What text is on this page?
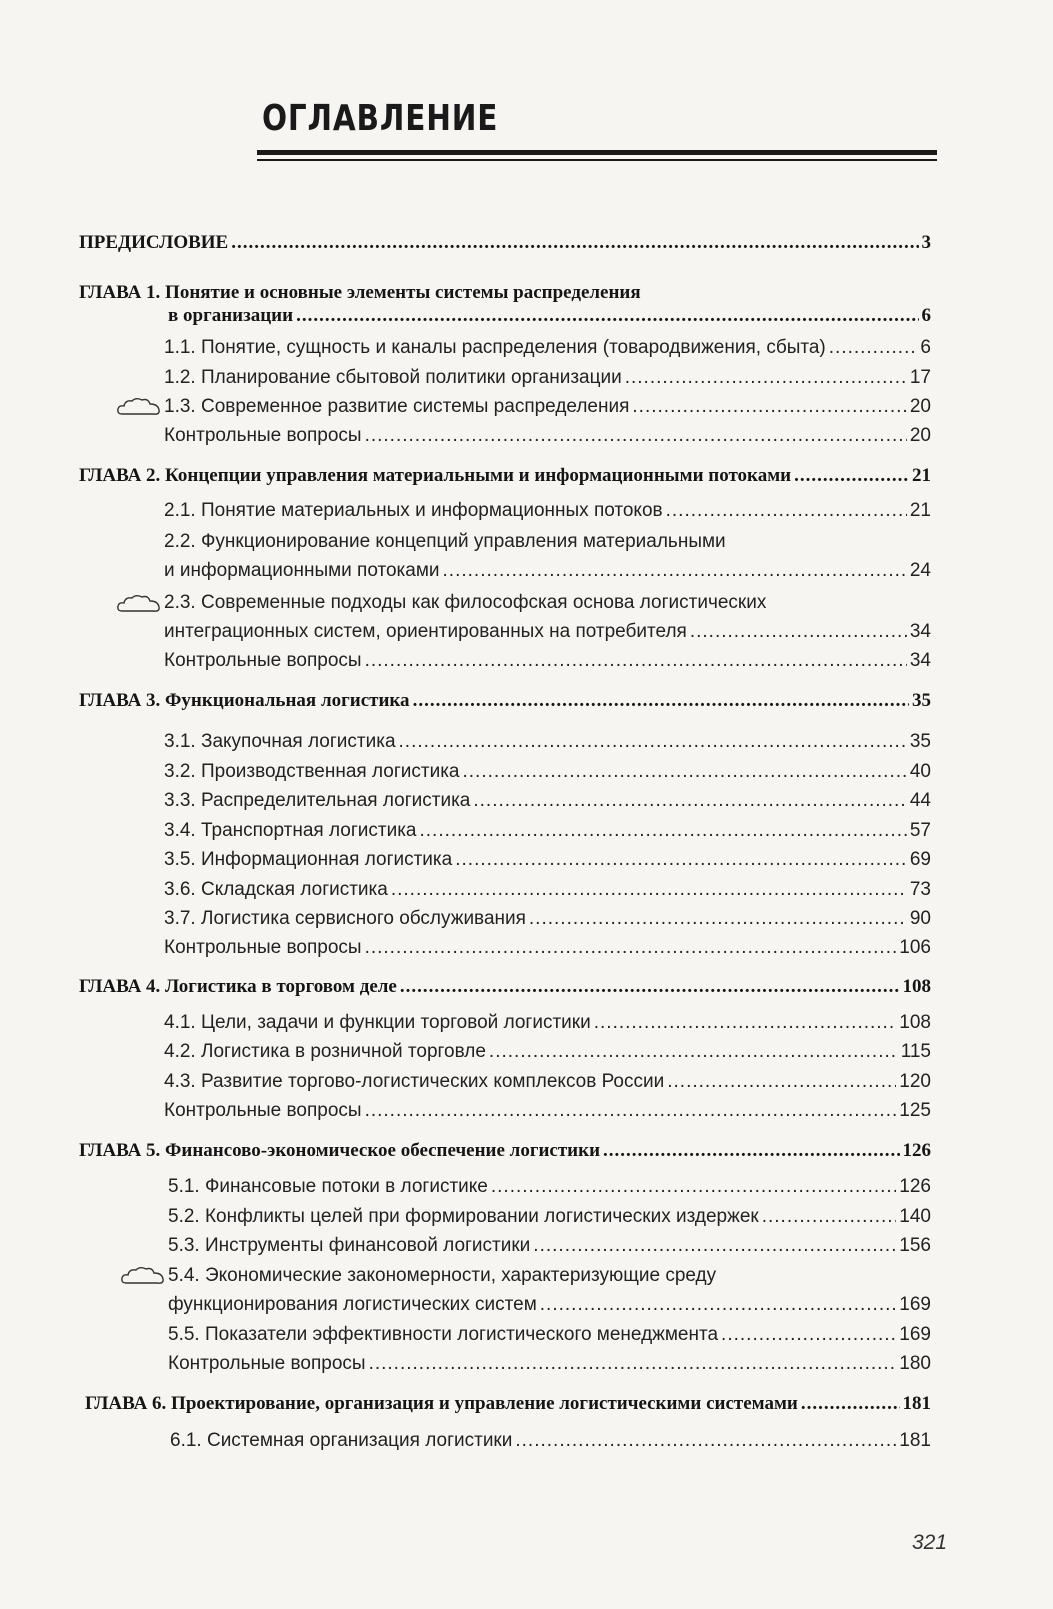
ОГЛАВЛЕНИЕ
ПРЕДИСЛОВИЕ .....	3
ГЛАВА 1. Понятие и основные элементы системы распределения
в организации .....	6
1.1. Понятие, сущность и каналы распределения (товародвижения, сбыта) .....	6
1.2. Планирование сбытовой политики организации .....	17
1.3. Современное развитие системы распределения .....	20
Контрольные вопросы .....	20
ГЛАВА 2. Концепции управления материальными и информационными потоками .....	21
2.1. Понятие материальных и информационных потоков .....	21
2.2. Функционирование концепций управления материальными
и информационными потоками .....	24
2.3. Современные подходы как философская основа логистических
интеграционных систем, ориентированных на потребителя .....	34
Контрольные вопросы .....	34
ГЛАВА 3. Функциональная логистика .....	35
3.1. Закупочная логистика .....	35
3.2. Производственная логистика .....	40
3.3. Распределительная логистика .....	44
3.4. Транспортная логистика .....	57
3.5. Информационная логистика .....	69
3.6. Складская логистика .....	73
3.7. Логистика сервисного обслуживания .....	90
Контрольные вопросы .....	106
ГЛАВА 4. Логистика в торговом деле .....	108
4.1. Цели, задачи и функции торговой логистики .....	108
4.2. Логистика в розничной торговле .....	115
4.3. Развитие торгово-логистических комплексов России .....	120
Контрольные вопросы .....	125
ГЛАВА 5. Финансово-экономическое обеспечение логистики .....	126
5.1. Финансовые потоки в логистике .....	126
5.2. Конфликты целей при формировании логистических издержек .....	140
5.3. Инструменты финансовой логистики .....	156
5.4. Экономические закономерности, характеризующие среду
функционирования логистических систем .....	169
5.5. Показатели эффективности логистического менеджмента .....	169
Контрольные вопросы .....	180
ГЛАВА 6. Проектирование, организация и управление логистическими системами .....	181
6.1. Системная организация логистики .....	181
321
